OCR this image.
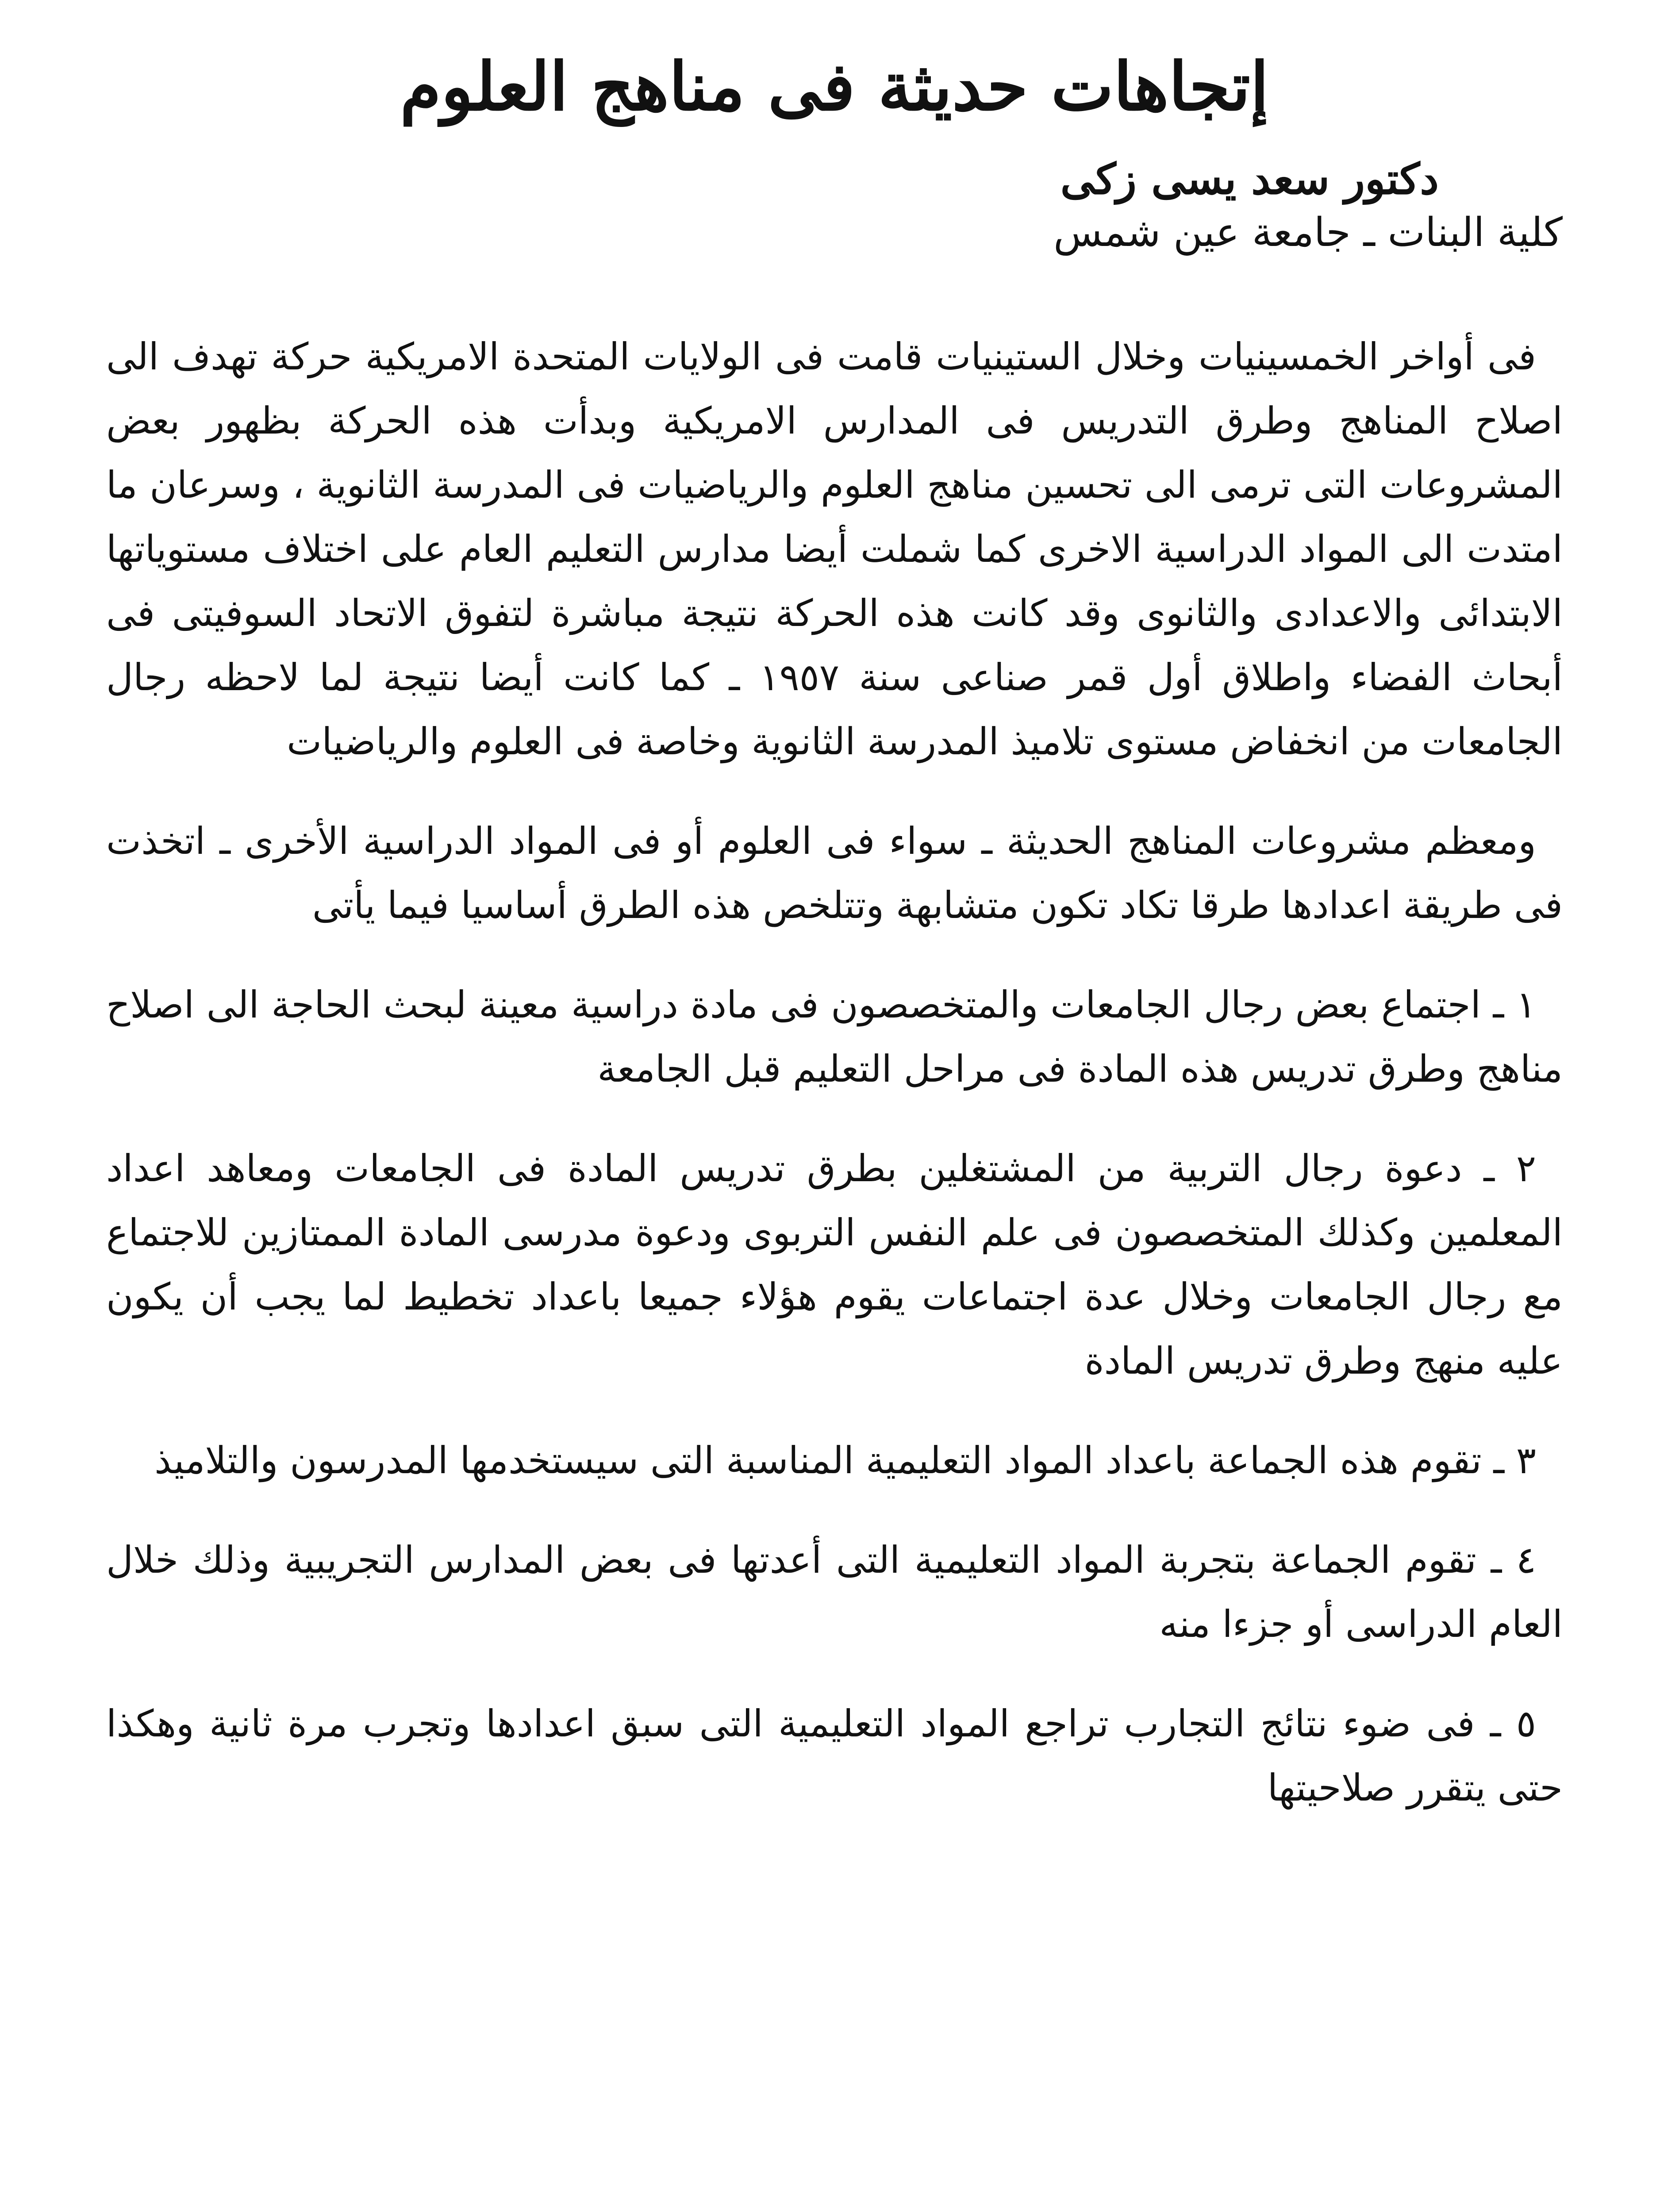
إتجاهات حديثة فى مناهج العلوم
دكتور سعد يسى زكى
كلية البنات ـ جامعة عين شمس

فى أواخر الخمسينيات وخلال الستينيات قامت فى الولايات المتحدة الامريكية حركة تهدف الى اصلاح المناهج وطرق التدريس فى المدارس الامريكية وبدأت هذه الحركة بظهور بعض المشروعات التى ترمى الى تحسين مناهج العلوم والرياضيات فى المدرسة الثانوية ، وسرعان ما امتدت الى المواد الدراسية الاخرى كما شملت أيضا مدارس التعليم العام على اختلاف مستوياتها الابتدائى والاعدادى والثانوى وقد كانت هذه الحركة نتيجة مباشرة لتفوق الاتحاد السوفيتى فى أبحاث الفضاء واطلاق أول قمر صناعى سنة ١٩٥٧ ـ كما كانت أيضا نتيجة لما لاحظه رجال الجامعات من انخفاض مستوى تلاميذ المدرسة الثانوية وخاصة فى العلوم والرياضيات

ومعظم مشروعات المناهج الحديثة ـ سواء فى العلوم أو فى المواد الدراسية الأخرى ـ اتخذت فى طريقة اعدادها طرقا تكاد تكون متشابهة وتتلخص هذه الطرق أساسيا فيما يأتى

١ ـ اجتماع بعض رجال الجامعات والمتخصصون فى مادة دراسية معينة لبحث الحاجة الى اصلاح مناهج وطرق تدريس هذه المادة فى مراحل التعليم قبل الجامعة

٢ ـ دعوة رجال التربية من المشتغلين بطرق تدريس المادة فى الجامعات ومعاهد اعداد المعلمين وكذلك المتخصصون فى علم النفس التربوى ودعوة مدرسى المادة الممتازين للاجتماع مع رجال الجامعات وخلال عدة اجتماعات يقوم هؤلاء جميعا باعداد تخطيط لما يجب أن يكون عليه منهج وطرق تدريس المادة

٣ ـ تقوم هذه الجماعة باعداد المواد التعليمية المناسبة التى سيستخدمها المدرسون والتلاميذ

٤ ـ تقوم الجماعة بتجربة المواد التعليمية التى أعدتها فى بعض المدارس التجريبية وذلك خلال العام الدراسى أو جزءا منه

٥ ـ فى ضوء نتائج التجارب تراجع المواد التعليمية التى سبق اعدادها وتجرب مرة ثانية وهكذا حتى يتقرر صلاحيتها
